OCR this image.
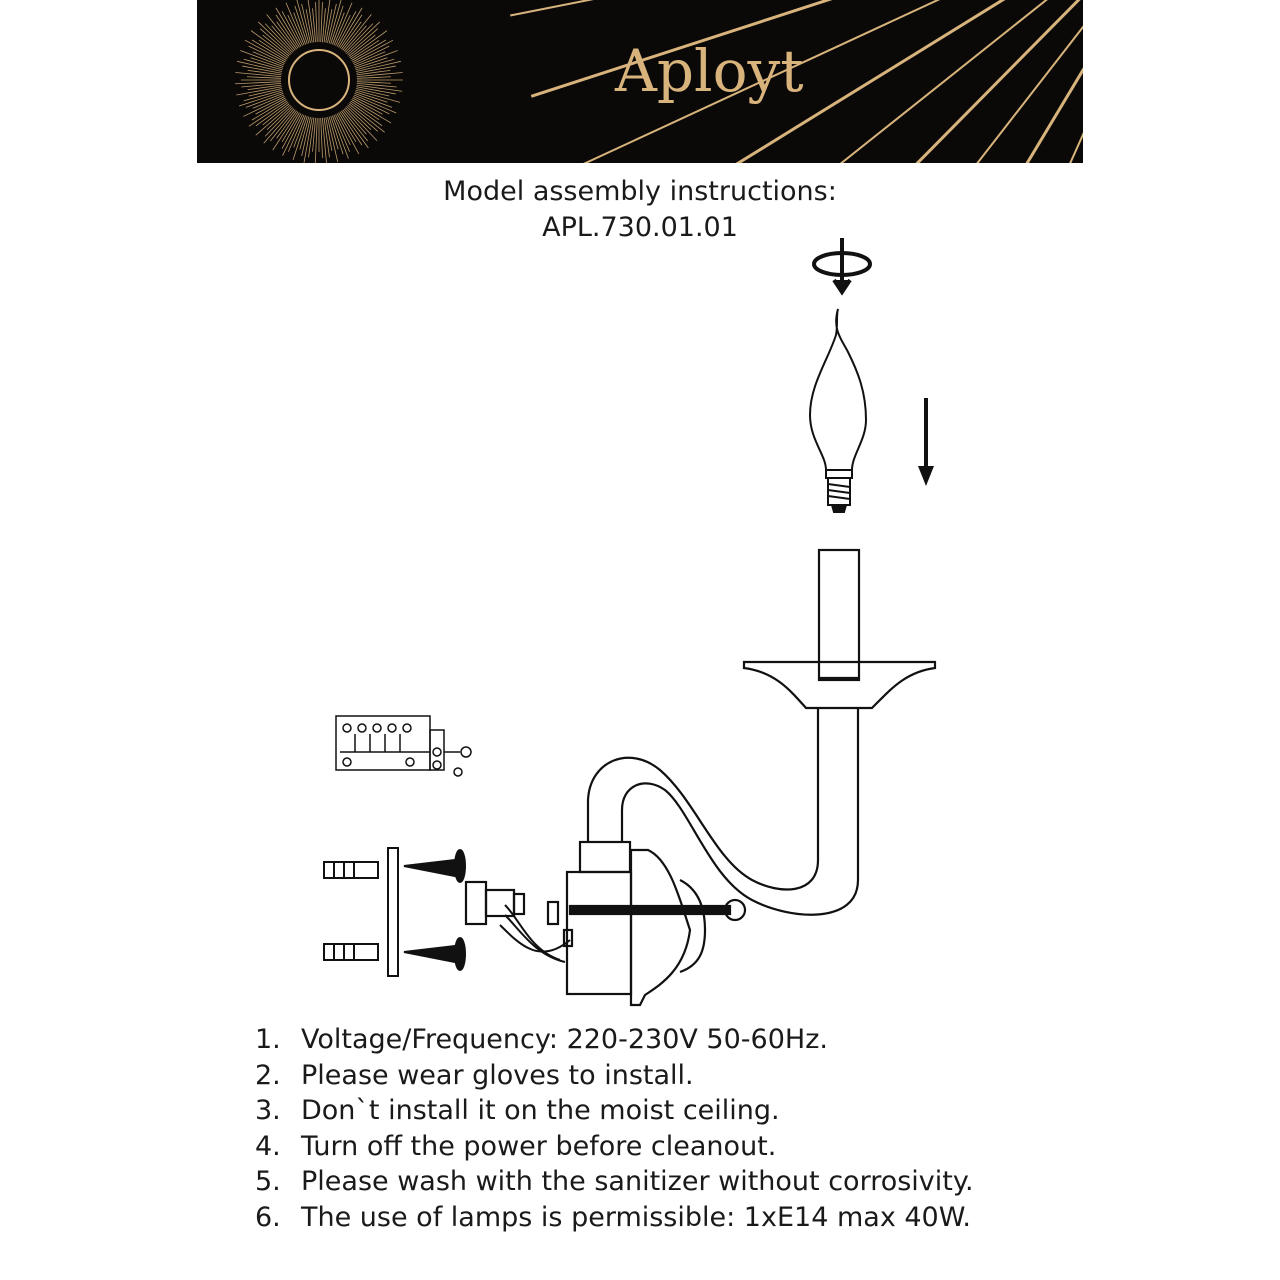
Aployt
Model assembly instructions:
APL.730.01.01
1. Voltage/Frequency: 220-230V 50-60Hz.
2. Please wear gloves to install.
3. Don`t install it on the moist ceiling.
4. Turn off the power before cleanout.
5. Please wash with the sanitizer without corrosivity.
6. The use of lamps is permissible: 1xE14 max 40W.
